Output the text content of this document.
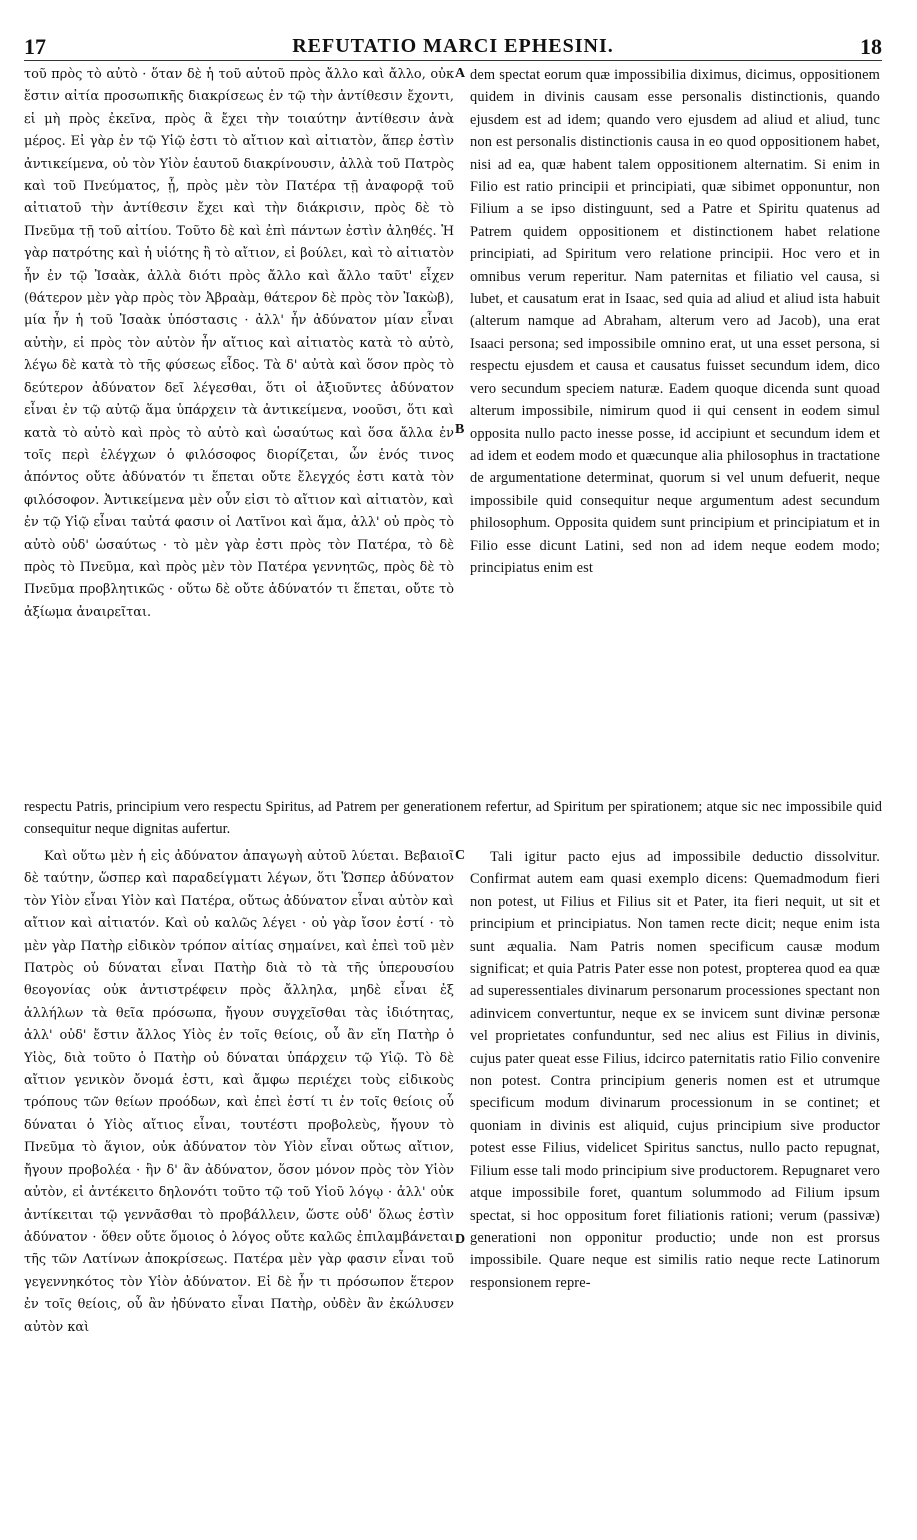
17	REFUTATIO MARCI EPHESINI.	18

τοῦ πρὸς τὸ αὐτὸ · ὅταν δὲ ἡ τοῦ αὐτοῦ πρὸς ἄλλο καὶ ἄλλο, οὐκ ἔστιν αἰτία προσωπικῆς διακρίσεως ἐν τῷ τὴν ἀντίθεσιν ἔχοντι, εἰ μὴ πρὸς ἐκεῖνα, πρὸς ἃ ἔχει τὴν τοιαύτην ἀντίθεσιν ἀνὰ μέρος. Εἰ γὰρ ἐν τῷ Υἱῷ ἐστι τὸ αἴτιον καὶ αἰτιατὸν, ἅπερ ἐστὶν ἀντικείμενα, οὐ τὸν Υἱὸν ἑαυτοῦ διακρίνουσιν, ἀλλὰ τοῦ Πατρὸς καὶ τοῦ Πνεύματος, ᾗ, πρὸς μὲν τὸν Πατέρα τῇ ἀναφορᾷ τοῦ αἰτιατοῦ τὴν ἀντίθεσιν ἔχει καὶ τὴν διάκρισιν, πρὸς δὲ τὸ Πνεῦμα τῇ τοῦ αἰτίου. Τοῦτο δὲ καὶ ἐπὶ πάντων ἐστὶν ἀληθές. Ἡ γὰρ πατρότης καὶ ἡ υἱότης ἢ τὸ αἴτιον, εἰ βούλει, καὶ τὸ αἰτιατὸν ἦν ἐν τῷ Ἰσαὰκ, ἀλλὰ διότι πρὸς ἄλλο καὶ ἄλλο ταῦτ' εἶχεν (θάτερον μὲν γὰρ πρὸς τὸν Ἀβραὰμ, θάτερον δὲ πρὸς τὸν Ἰακὼβ), μία ἦν ἡ τοῦ Ἰσαὰκ ὑπόστασις · ἀλλ' ἦν ἀδύνατον μίαν εἶναι αὐτὴν, εἰ πρὸς τὸν αὐτὸν ἦν αἴτιος καὶ αἰτιατὸς κατὰ τὸ αὐτὸ, λέγω δὲ κατὰ τὸ τῆς φύσεως εἶδος. Τὰ δ' αὐτὰ καὶ ὅσον πρὸς τὸ δεύτερον ἀδύνατον δεῖ λέγεσθαι, ὅτι οἱ ἀξιοῦντες ἀδύνατον εἶναι ἐν τῷ αὐτῷ ἅμα ὑπάρχειν τὰ ἀντικείμενα, νοοῦσι, ὅτι καὶ κατὰ τὸ αὐτὸ καὶ πρὸς τὸ αὐτὸ καὶ ὡσαύτως καὶ ὅσα ἄλλα ἐν τοῖς περὶ ἐλέγχων ὁ φιλόσοφος διορίζεται, ὧν ἑνός τινος ἀπόντος οὔτε ἀδύνατόν τι ἕπεται οὔτε ἔλεγχός ἐστι κατὰ τὸν φιλόσοφον. Ἀντικείμενα μὲν οὖν εἰσι τὸ αἴτιον καὶ αἰτιατὸν, καὶ ἐν τῷ Υἱῷ εἶναι ταὐτά φασιν οἱ Λατῖνοι καὶ ἅμα, ἀλλ' οὐ πρὸς τὸ αὐτὸ οὐδ' ὡσαύτως · τὸ μὲν γὰρ ἐστι πρὸς τὸν Πατέρα, τὸ δὲ πρὸς τὸ Πνεῦμα, καὶ πρὸς μὲν τὸν Πατέρα γεννητῶς, πρὸς δὲ τὸ Πνεῦμα προβλητικῶς · οὕτω δὲ οὔτε ἀδύνατόν τι ἕπεται, οὔτε τὸ ἀξίωμα ἀναιρεῖται.

A
B

dem spectat eorum quæ impossibilia diximus, dicimus, oppositionem quidem in divinis causam esse personalis distinctionis, quando ejusdem est ad idem; quando vero ejusdem ad aliud et aliud, tunc non est personalis distinctionis causa in eo quod oppositionem habet, nisi ad ea, quæ habent talem oppositionem alternatim. Si enim in Filio est ratio principii et principiati, quæ sibimet opponuntur, non Filium a se ipso distinguunt, sed a Patre et Spiritu quatenus ad Patrem quidem oppositionem et distinctionem habet relatione principiati, ad Spiritum vero relatione principii. Hoc vero et in omnibus verum reperitur. Nam paternitas et filiatio vel causa, si lubet, et causatum erat in Isaac, sed quia ad aliud et aliud ista habuit (alterum namque ad Abraham, alterum vero ad Jacob), una erat Isaaci persona; sed impossibile omnino erat, ut una esset persona, si respectu ejusdem et causa et causatus fuisset secundum idem, dico vero secundum speciem naturæ. Eadem quoque dicenda sunt quoad alterum impossibile, nimirum quod ii qui censent in eodem simul opposita nullo pacto inesse posse, id accipiunt et secundum idem et ad idem et eodem modo et quæcunque alia philosophus in tractatione de argumentatione determinat, quorum si vel unum defuerit, neque impossibile quid consequitur neque argumentum adest secundum philosophum. Opposita quidem sunt principium et principiatum et in Filio esse dicunt Latini, sed non ad idem neque eodem modo; principiatus enim est

respectu Patris, principium vero respectu Spiritus, ad Patrem per generationem refertur, ad Spiritum per spirationem; atque sic nec impossibile quid consequitur neque dignitas aufertur.

Καὶ οὕτω μὲν ἡ εἰς ἀδύνατον ἀπαγωγὴ αὐτοῦ λύεται. Βεβαιοῖ δὲ ταύτην, ὥσπερ καὶ παραδείγματι λέγων, ὅτι Ὥσπερ ἀδύνατον τὸν Υἱὸν εἶναι Υἱὸν καὶ Πατέρα, οὕτως ἀδύνατον εἶναι αὐτὸν καὶ αἴτιον καὶ αἰτιατόν. Καὶ οὐ καλῶς λέγει · οὐ γὰρ ἴσον ἐστί · τὸ μὲν γὰρ Πατὴρ εἰδικὸν τρόπον αἰτίας σημαίνει, καὶ ἐπεὶ τοῦ μὲν Πατρὸς οὐ δύναται εἶναι Πατὴρ διὰ τὸ τὰ τῆς ὑπερουσίου θεογονίας οὐκ ἀντιστρέφειν πρὸς ἄλληλα, μηδὲ εἶναι ἐξ ἀλλήλων τὰ θεῖα πρόσωπα, ἤγουν συγχεῖσθαι τὰς ἰδιότητας, ἀλλ' οὐδ' ἔστιν ἄλλος Υἱὸς ἐν τοῖς θείοις, οὗ ἂν εἴη Πατὴρ ὁ Υἱὸς, διὰ τοῦτο ὁ Πατὴρ οὐ δύναται ὑπάρχειν τῷ Υἱῷ. Τὸ δὲ αἴτιον γενικὸν ὄνομά ἐστι, καὶ ἄμφω περιέχει τοὺς εἰδικοὺς τρόπους τῶν θείων προόδων, καὶ ἐπεὶ ἐστί τι ἐν τοῖς θείοις οὗ δύναται ὁ Υἱὸς αἴτιος εἶναι, τουτέστι προβολεὺς, ἤγουν τὸ Πνεῦμα τὸ ἅγιον, οὐκ ἀδύνατον τὸν Υἱὸν εἶναι οὕτως αἴτιον, ἤγουν προβολέα · ἣν δ' ἂν ἀδύνατον, ὅσον μόνον πρὸς τὸν Υἱὸν αὐτὸν, εἰ ἀντέκειτο δηλονότι τοῦτο τῷ τοῦ Υἱοῦ λόγῳ · ἀλλ' οὐκ ἀντίκειται τῷ γεννᾶσθαι τὸ προβάλλειν, ὥστε οὐδ' ὅλως ἐστὶν ἀδύνατον · ὅθεν οὔτε ὅμοιος ὁ λόγος οὔτε καλῶς ἐπιλαμβάνεται τῆς τῶν Λατίνων ἀποκρίσεως. Πατέρα μὲν γὰρ φασιν εἶναι τοῦ γεγεννηκότος τὸν Υἱὸν ἀδύνατον. Εἰ δὲ ἦν τι πρόσωπον ἕτερον ἐν τοῖς θείοις, οὗ ἂν ἠδύνατο εἶναι Πατὴρ, οὐδὲν ἂν ἐκώλυσεν αὐτὸν καὶ

C
D

Tali igitur pacto ejus ad impossibile deductio dissolvitur. Confirmat autem eam quasi exemplo dicens: Quemadmodum fieri non potest, ut Filius et Filius sit et Pater, ita fieri nequit, ut sit et principium et principiatus. Non tamen recte dicit; neque enim ista sunt æqualia. Nam Patris nomen specificum causæ modum significat; et quia Patris Pater esse non potest, propterea quod ea quæ ad superessentiales divinarum personarum processiones spectant non adinvicem convertuntur, neque ex se invicem sunt divinæ personæ vel proprietates confunduntur, sed nec alius est Filius in divinis, cujus pater queat esse Filius, idcirco paternitatis ratio Filio convenire non potest. Contra principium generis nomen est et utrumque specificum modum divinarum processionum in se continet; et quoniam in divinis est aliquid, cujus principium sive productor potest esse Filius, videlicet Spiritus sanctus, nullo pacto repugnat, Filium esse tali modo principium sive productorem. Repugnaret vero atque impossibile foret, quantum solummodo ad Filium ipsum spectat, si hoc oppositum foret filiationis rationi; verum (passivæ) generationi non opponitur productio; unde non est prorsus impossibile. Quare neque est similis ratio neque recte Latinorum responsionem repre-
